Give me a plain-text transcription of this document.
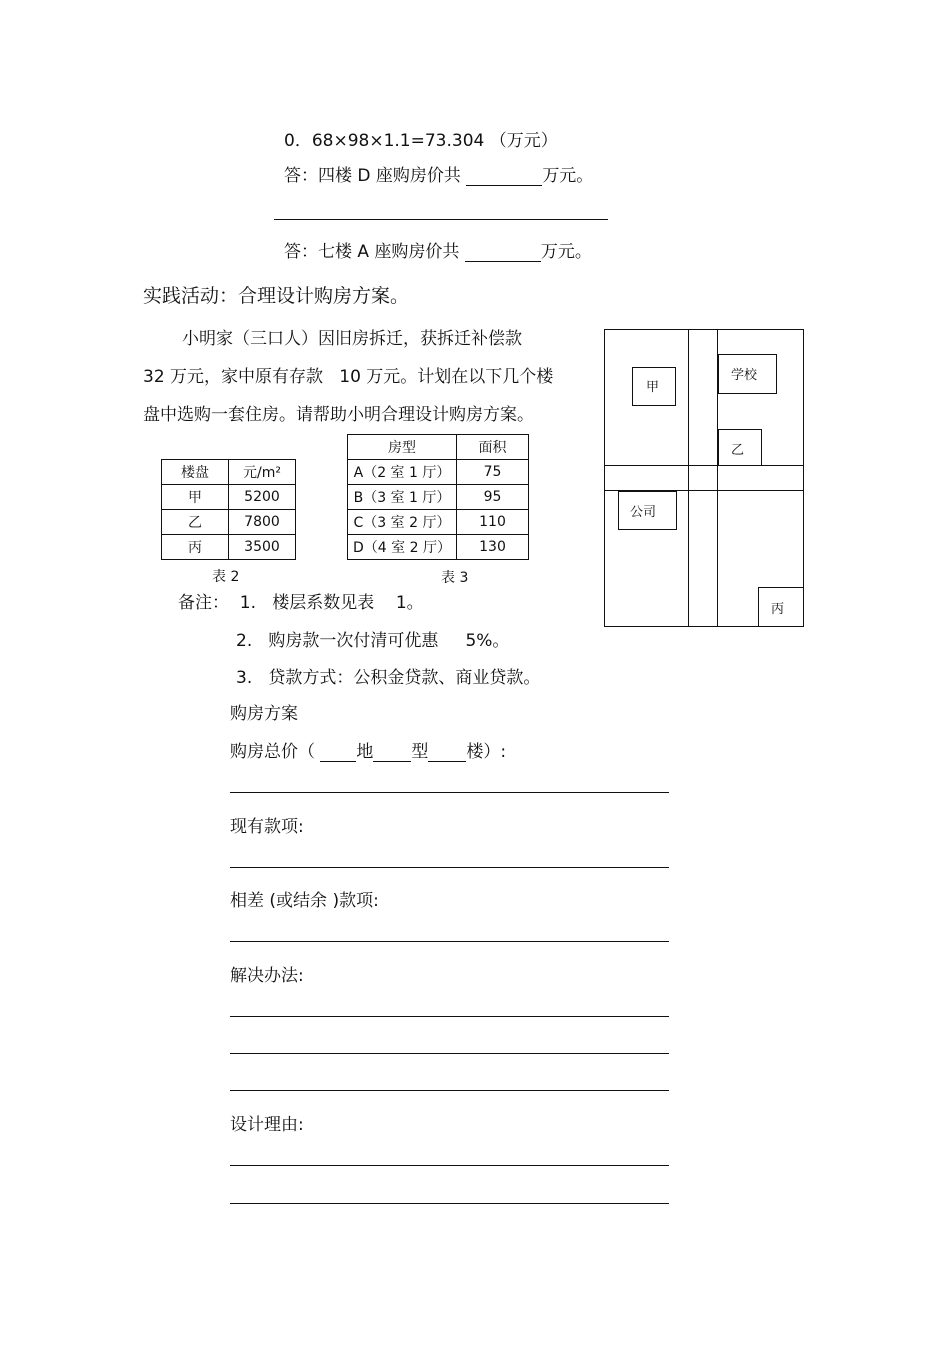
0．68×98×1.1=73.304 （万元）
答：四楼 D 座购房价共	万元。
答：七楼 A 座购房价共	万元。
实践活动：合理设计购房方案。
小明家（三口人）因旧房拆迁，获拆迁补偿款
32 万元，家中原有存款   10 万元。计划在以下几个楼
盘中选购一套住房。请帮助小明合理设计购房方案。
楼盘	元/m²
甲	5200
乙	7800
丙	3500
表 2
房型	面积
A（2 室 1 厅）	75
B（3 室 1 厅）	95
C（3 室 2 厅）	110
D（4 室 2 厅）	130
表 3
甲
学校
乙
公司
丙
备注：  1.   楼层系数见表    1。
2.   购房款一次付清可优惠     5%。
3.   贷款方式：公积金贷款、商业贷款。
购房方案
购房总价（ 地 型 楼）:
现有款项:
相差 (或结余 )款项:
解决办法:
设计理由:
